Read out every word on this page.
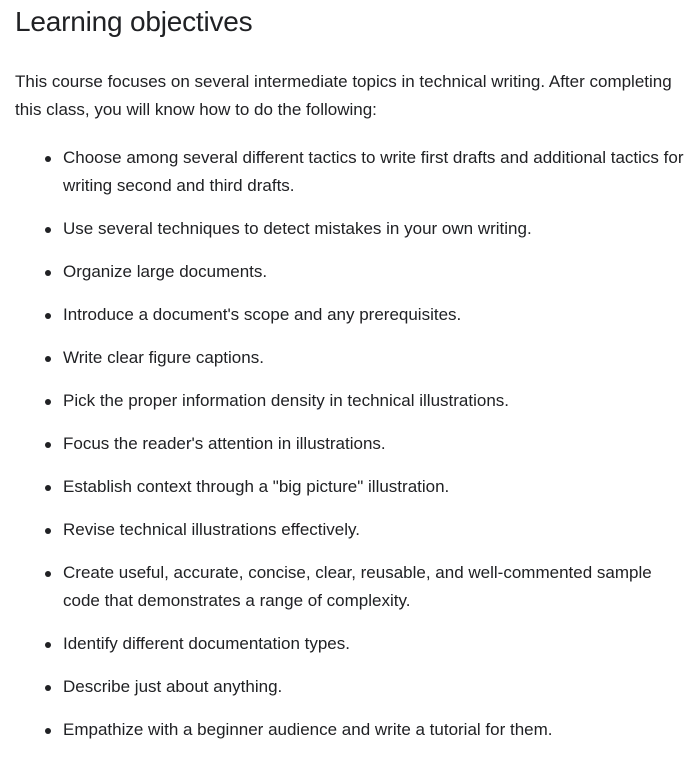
Learning objectives

This course focuses on several intermediate topics in technical writing. After completing this class, you will know how to do the following:

Choose among several different tactics to write first drafts and additional tactics for writing second and third drafts.
Use several techniques to detect mistakes in your own writing.
Organize large documents.
Introduce a document's scope and any prerequisites.
Write clear figure captions.
Pick the proper information density in technical illustrations.
Focus the reader's attention in illustrations.
Establish context through a "big picture" illustration.
Revise technical illustrations effectively.
Create useful, accurate, concise, clear, reusable, and well-commented sample code that demonstrates a range of complexity.
Identify different documentation types.
Describe just about anything.
Empathize with a beginner audience and write a tutorial for them.
